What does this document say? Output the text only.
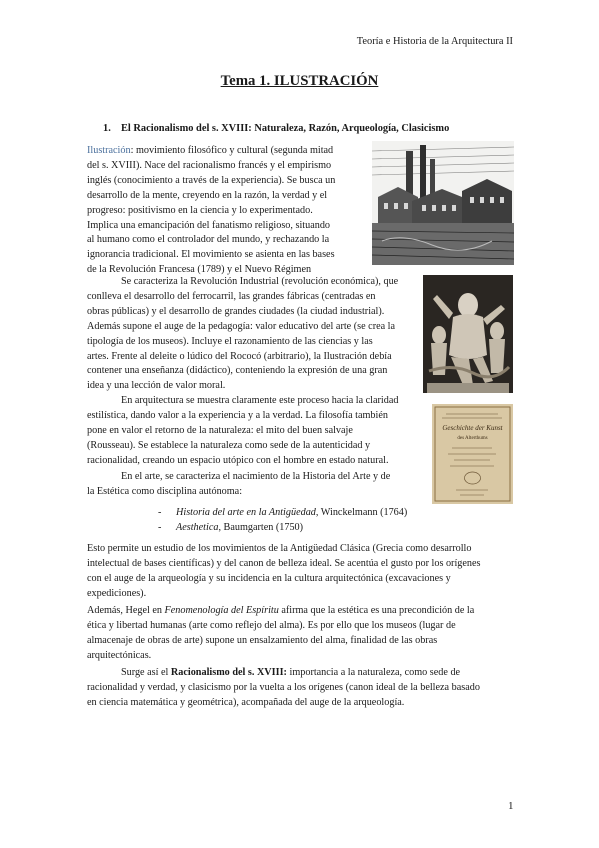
Teoría e Historia de la Arquitectura II
Tema 1. ILUSTRACIÓN
1. El Racionalismo del s. XVIII: Naturaleza, Razón, Arqueología, Clasicismo
Ilustración: movimiento filosófico y cultural (segunda mitad
del s. XVIII). Nace del racionalismo francés y el empirismo
inglés (conocimiento a través de la experiencia). Se busca un
desarrollo de la mente, creyendo en la razón, la verdad y el
progreso: positivismo en la ciencia y lo experimentado.
Implica una emancipación del fanatismo religioso, situando
al humano como el controlador del mundo, y rechazando la
ignorancia tradicional. El movimiento se asienta en las bases
de la Revolución Francesa (1789) y el Nuevo Régimen
Se caracteriza la Revolución Industrial (revolución económica), que
conlleva el desarrollo del ferrocarril, las grandes fábricas (centradas en
obras públicas) y el desarrollo de grandes ciudades (la ciudad industrial).
Además supone el auge de la pedagogía: valor educativo del arte (se crea la
tipología de los museos). Incluye el razonamiento de las ciencias y las
artes. Frente al deleite o lúdico del Rococó (arbitrario), la Ilustración debía
contener una enseñanza (didáctico), conteniendo la expresión de una gran
idea y una lección de valor moral.
En arquitectura se muestra claramente este proceso hacia la claridad
estilística, dando valor a la experiencia y a la verdad. La filosofía también
pone en valor el retorno de la naturaleza: el mito del buen salvaje
(Rousseau). Se establece la naturaleza como sede de la autenticidad y
racionalidad, creando un espacio utópico con el hombre en estado natural.
En el arte, se caracteriza el nacimiento de la Historia del Arte y de
la Estética como disciplina autónoma:
- Historia del arte en la Antigüedad, Winckelmann (1764)
- Aesthetica, Baumgarten (1750)
Esto permite un estudio de los movimientos de la Antigüedad Clásica (Grecia como desarrollo
intelectual de bases científicas) y del canon de belleza ideal. Se acentúa el gusto por los orígenes
con el auge de la arqueología y su incidencia en la cultura arquitectónica (excavaciones y
expediciones).
Además, Hegel en Fenomenología del Espíritu afirma que la estética es una precondición de la
ética y libertad humanas (arte como reflejo del alma). Es por ello que los museos (lugar de
almacenaje de obras de arte) supone un ensalzamiento del alma, finalidad de las obras
arquitectónicas.
Surge así el Racionalismo del s. XVIII: importancia a la naturaleza, como sede de
racionalidad y verdad, y clasicismo por la vuelta a los orígenes (canon ideal de la belleza basado
en ciencia matemática y geométrica), acompañada del auge de la arqueología.
Geschichte der Kunst
des Alterthums
1
